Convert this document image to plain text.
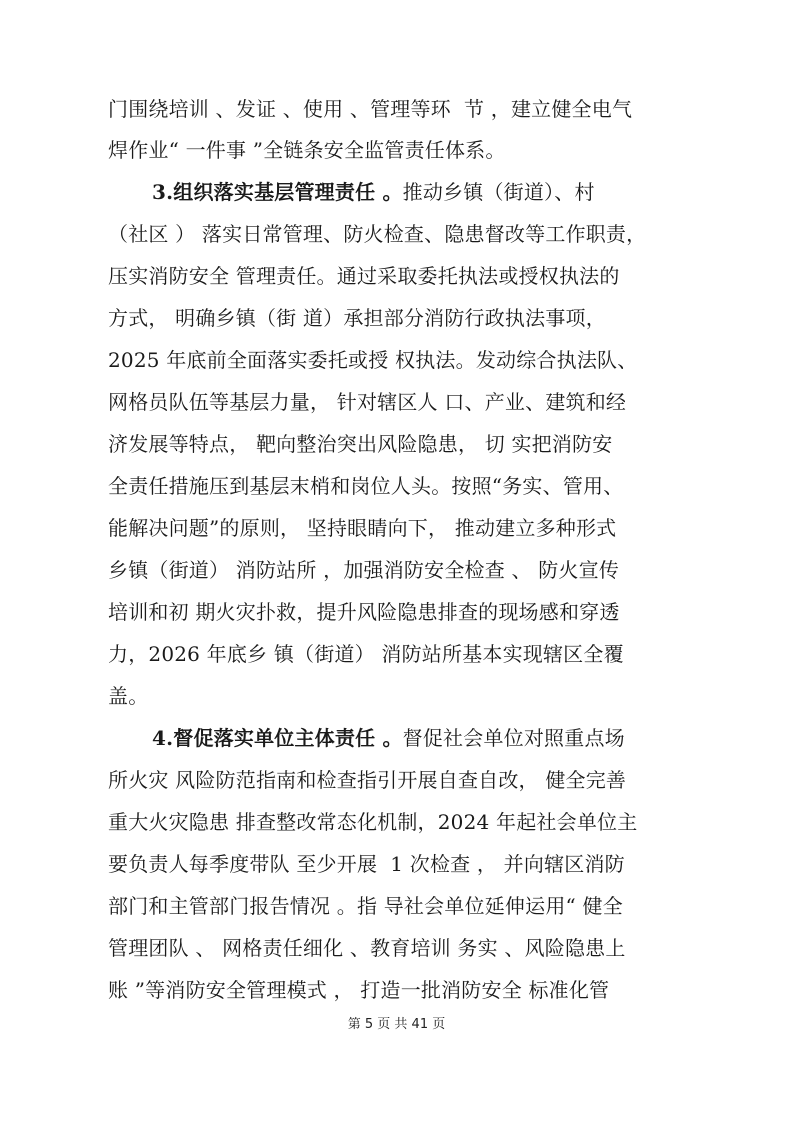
门围绕培训 、发证 、使用 、管理等环  节 ，建立健全电气
焊作业“ 一件事 ”全链条安全监管责任体系。
3.组织落实基层管理责任 。推动乡镇（街道）、村
（社区 ） 落实日常管理、防火检查、隐患督改等工作职责，
压实消防安全 管理责任。通过采取委托执法或授权执法的
方式， 明确乡镇（街 道）承担部分消防行政执法事项，
2025 年底前全面落实委托或授 权执法。发动综合执法队、
网格员队伍等基层力量， 针对辖区人 口、产业、建筑和经
济发展等特点， 靶向整治突出风险隐患， 切 实把消防安
全责任措施压到基层末梢和岗位人头。按照“务实、管用、
能解决问题”的原则， 坚持眼睛向下， 推动建立多种形式
乡镇（街道） 消防站所 ，加强消防安全检查 、 防火宣传
培训和初 期火灾扑救，提升风险隐患排查的现场感和穿透
力，2026 年底乡 镇（街道） 消防站所基本实现辖区全覆
盖。
4.督促落实单位主体责任 。督促社会单位对照重点场
所火灾 风险防范指南和检查指引开展自查自改， 健全完善
重大火灾隐患 排查整改常态化机制，2024 年起社会单位主
要负责人每季度带队 至少开展  1 次检查 ， 并向辖区消防
部门和主管部门报告情况 。指 导社会单位延伸运用“ 健全
管理团队 、 网格责任细化 、教育培训 务实 、风险隐患上
账 ”等消防安全管理模式 ， 打造一批消防安全 标准化管
第 5 页 共 41 页
